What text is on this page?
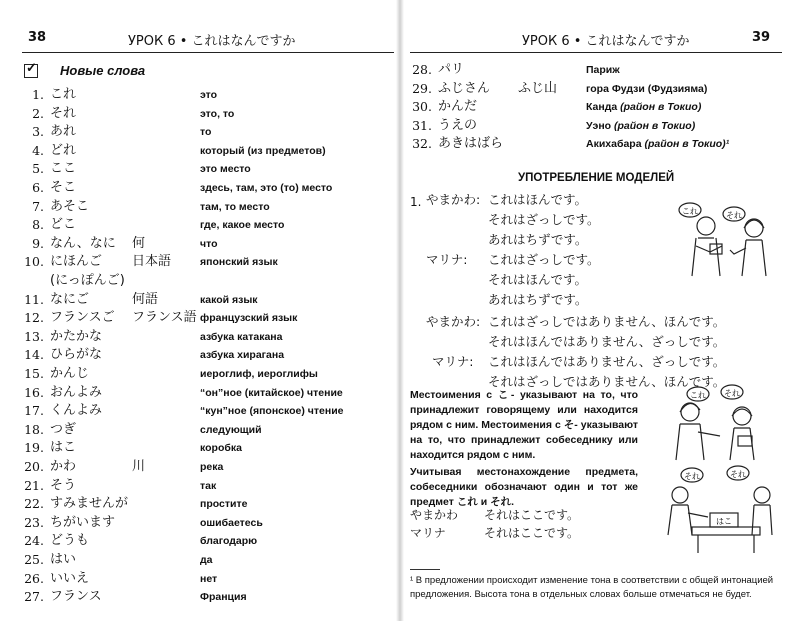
38	УРОК 6 • これはなんですか
✓
Новые слова
1. これ	это
2. それ	это, то
3. あれ	то
4. どれ	который (из предметов)
5. ここ	это место
6. そこ	здесь, там, это (то) место
7. あそこ	там, то место
8. どこ	где, какое место
9. なん、なに 何	что
10. にほんご 日本語	японский язык
(にっぽんご)
11. なにご	何語	какой язык
12. フランスご フランス語 французский язык
13. かたかな	азбука катакана
14. ひらがな	азбука хирагана
15. かんじ	иероглиф, иероглифы
16. おんよみ	“он”ное (китайское) чтение
17. くんよみ	“кун”ное (японское) чтение
18. つぎ	следующий
19. はこ	коробка
20. かわ	川	река
21. そう	так
22. すみませんが	простите
23. ちがいます	ошибаетесь
24. どうも	благодарю
25. はい	да
26. いいえ	нет
27. フランス	Франция
УРОК 6 • これはなんですか	39
28. パリ	Париж
29. ふじさん ふじ山	гора Фудзи (Фудзияма)
30. かんだ	Канда (район в Токио)
31. うえの	Уэно (район в Токио)
32. あきはばら	Акихабара (район в Токио)¹
УПОТРЕБЛЕНИЕ МОДЕЛЕЙ
1. やまかわ: これはほんです。
それはざっしです。
あれはちずです。
マリナ: これはざっしです。
それはほんです。
あれはちずです。
やまかわ: これはざっしではありません、ほんです。
それはほんではありません、ざっしです。
マリナ: これはほんではありません、ざっしです。
それはざっしではありません、ほんです。
Местоимения с こ- указывают на то, что принадлежит говорящему или находится рядом с ним. Местоимения с そ- указывают на то, что принадлежит собеседнику или находится рядом с ним.
Учитывая местонахождение предмета, собеседники обозначают один и тот же предмет これ и それ.
やまかわ それはここです。
マリナ	それはここです。
¹ В предложении происходит изменение тона в соответствии с общей интонацией предложения. Высота тона в отдельных словах больше отмечаться не будет.
これ	それ
これ それ
それ	それ
はこ
